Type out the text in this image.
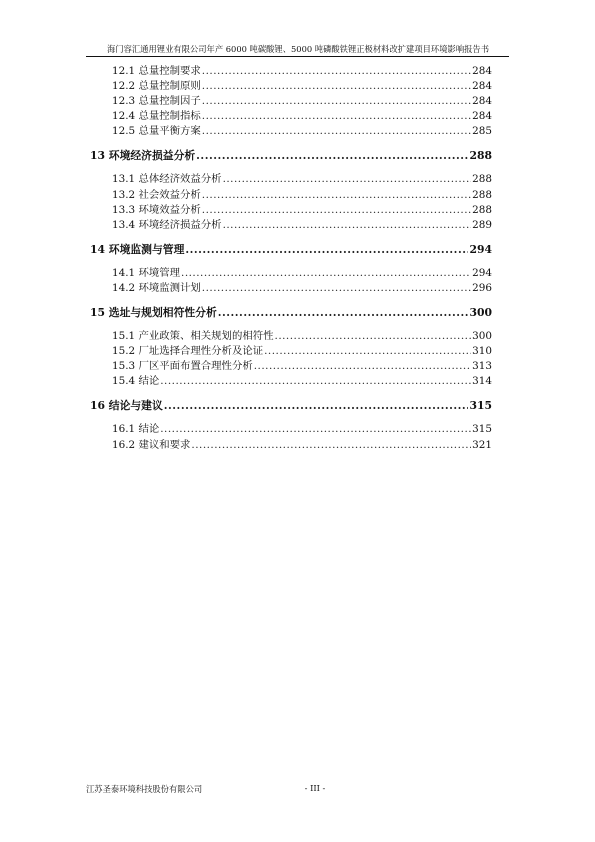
海门容汇通用锂业有限公司年产 6000 吨碳酸锂、5000 吨磷酸铁锂正极材料改扩建项目环境影响报告书
12.1 总量控制要求 .....	284
12.2 总量控制原则 .....	284
12.3 总量控制因子 .....	284
12.4 总量控制指标 .....	284
12.5 总量平衡方案 .....	285
13 环境经济损益分析 .....	288
13.1 总体经济效益分析 .....	288
13.2 社会效益分析 .....	288
13.3 环境效益分析 .....	288
13.4 环境经济损益分析 .....	289
14 环境监测与管理 .....	294
14.1 环境管理 .....	294
14.2 环境监测计划 .....	296
15 选址与规划相符性分析 .....	300
15.1 产业政策、相关规划的相符性 .....	300
15.2 厂址选择合理性分析及论证 .....	310
15.3 厂区平面布置合理性分析 .....	313
15.4 结论 .....	314
16 结论与建议 .....	315
16.1 结论 .....	315
16.2 建议和要求 .....	321
江苏圣泰环境科技股份有限公司	- III -
